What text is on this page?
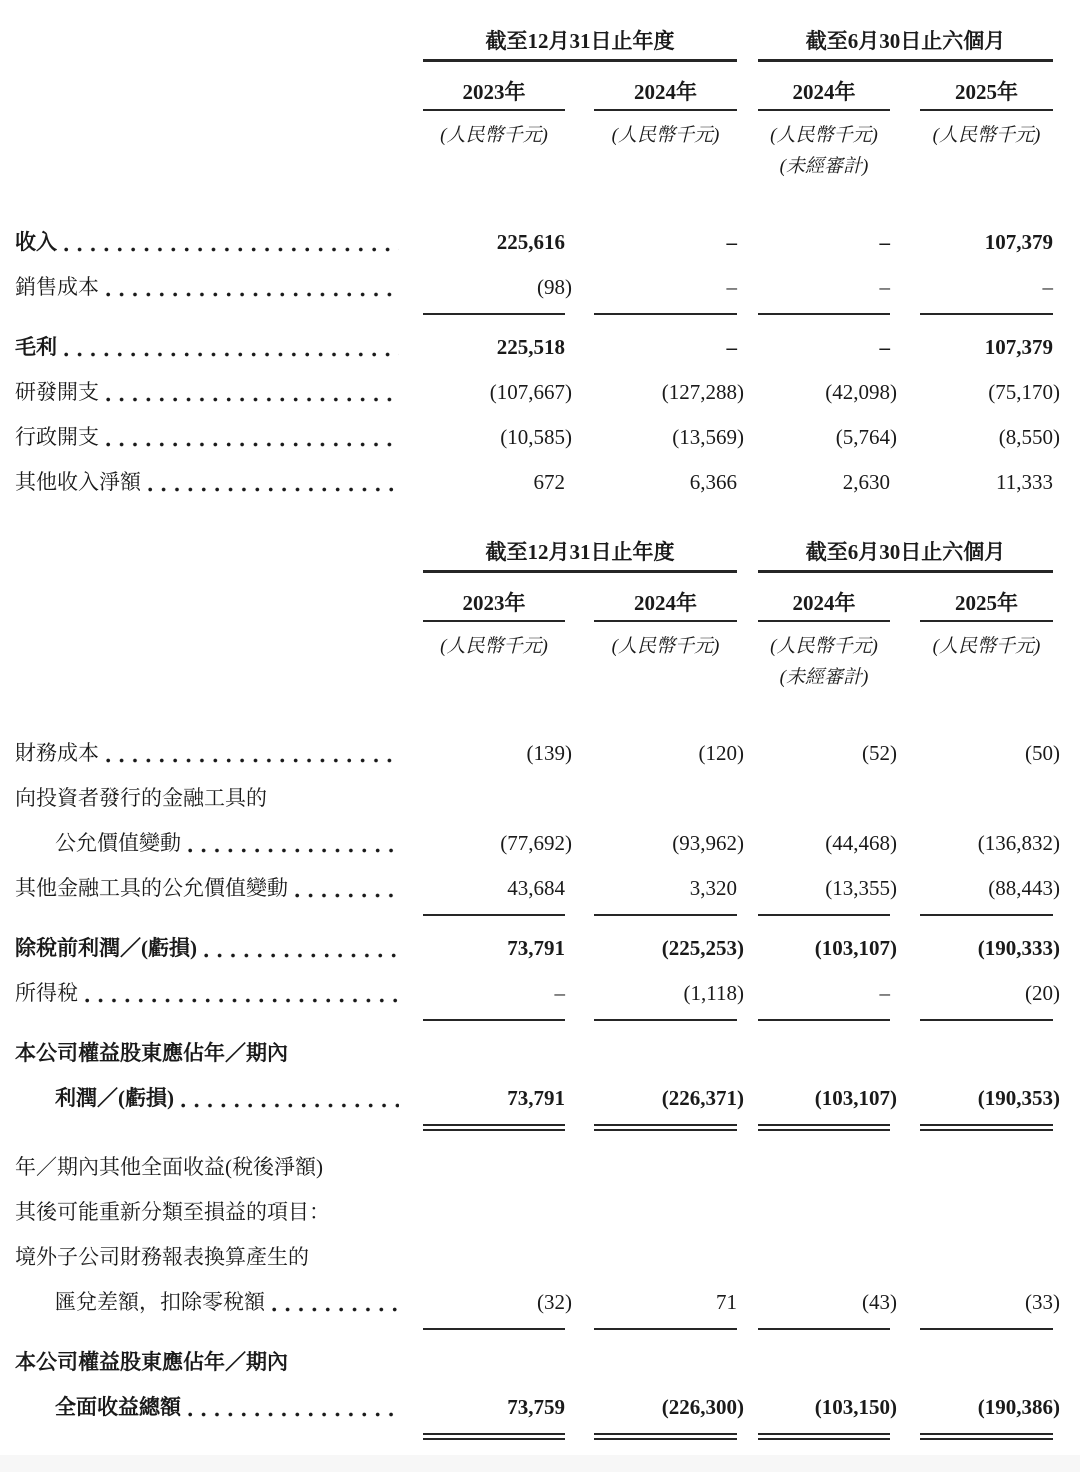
截至12月31日止年度	截至6月30日止六個月
2023年	2024年	2024年	2025年
(人民幣千元)	(人民幣千元)	(人民幣千元)	(人民幣千元)
(未經審計)
收入	225,616	–	–	107,379
銷售成本	(98)	–	–	–
毛利	225,518	–	–	107,379
研發開支	(107,667)	(127,288)	(42,098)	(75,170)
行政開支	(10,585)	(13,569)	(5,764)	(8,550)
其他收入淨額	672	6,366	2,630	11,333
截至12月31日止年度	截至6月30日止六個月
2023年	2024年	2024年	2025年
(人民幣千元)	(人民幣千元)	(人民幣千元)	(人民幣千元)
(未經審計)
財務成本	(139)	(120)	(52)	(50)
向投資者發行的金融工具的
公允價值變動	(77,692)	(93,962)	(44,468)	(136,832)
其他金融工具的公允價值變動	43,684	3,320	(13,355)	(88,443)
除稅前利潤／(虧損)	73,791	(225,253)	(103,107)	(190,333)
所得稅	–	(1,118)	–	(20)
本公司權益股東應佔年／期內
利潤／(虧損)	73,791	(226,371)	(103,107)	(190,353)
年／期內其他全面收益(稅後淨額)
其後可能重新分類至損益的項目：
境外子公司財務報表換算產生的
匯兌差額，扣除零稅額	(32)	71	(43)	(33)
本公司權益股東應佔年／期內
全面收益總額	73,759	(226,300)	(103,150)	(190,386)
